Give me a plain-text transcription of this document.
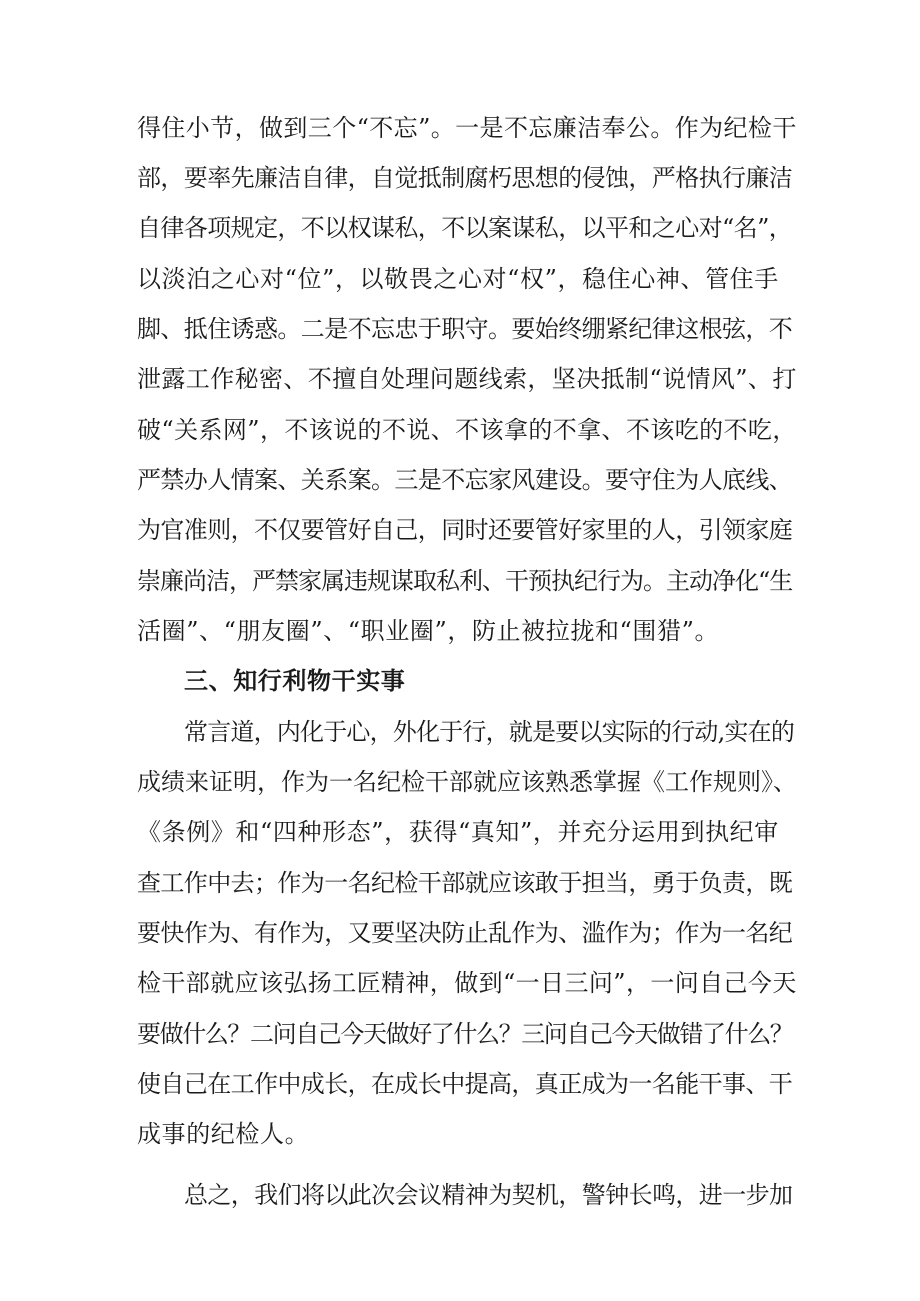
得住小节，做到三个“不忘”。一是不忘廉洁奉公。作为纪检干
部，要率先廉洁自律，自觉抵制腐朽思想的侵蚀，严格执行廉洁
自律各项规定，不以权谋私，不以案谋私，以平和之心对“名”，
以淡泊之心对“位”，以敬畏之心对“权”，稳住心神、管住手
脚、抵住诱惑。二是不忘忠于职守。要始终绷紧纪律这根弦，不
泄露工作秘密、不擅自处理问题线索，坚决抵制“说情风”、打
破“关系网”，不该说的不说、不该拿的不拿、不该吃的不吃，
严禁办人情案、关系案。三是不忘家风建设。要守住为人底线、
为官准则，不仅要管好自己，同时还要管好家里的人，引领家庭
崇廉尚洁，严禁家属违规谋取私利、干预执纪行为。主动净化“生
活圈”、“朋友圈”、“职业圈”，防止被拉拢和“围猎”。
三、知行利物干实事
常言道，内化于心，外化于行，就是要以实际的行动,实在的
成绩来证明，作为一名纪检干部就应该熟悉掌握《工作规则》、
《条例》和“四种形态”，获得“真知”，并充分运用到执纪审
查工作中去；作为一名纪检干部就应该敢于担当，勇于负责，既
要快作为、有作为，又要坚决防止乱作为、滥作为；作为一名纪
检干部就应该弘扬工匠精神，做到“一日三问”，一问自己今天
要做什么？二问自己今天做好了什么？三问自己今天做错了什么？
使自己在工作中成长，在成长中提高，真正成为一名能干事、干
成事的纪检人。
总之，我们将以此次会议精神为契机，警钟长鸣，进一步加
